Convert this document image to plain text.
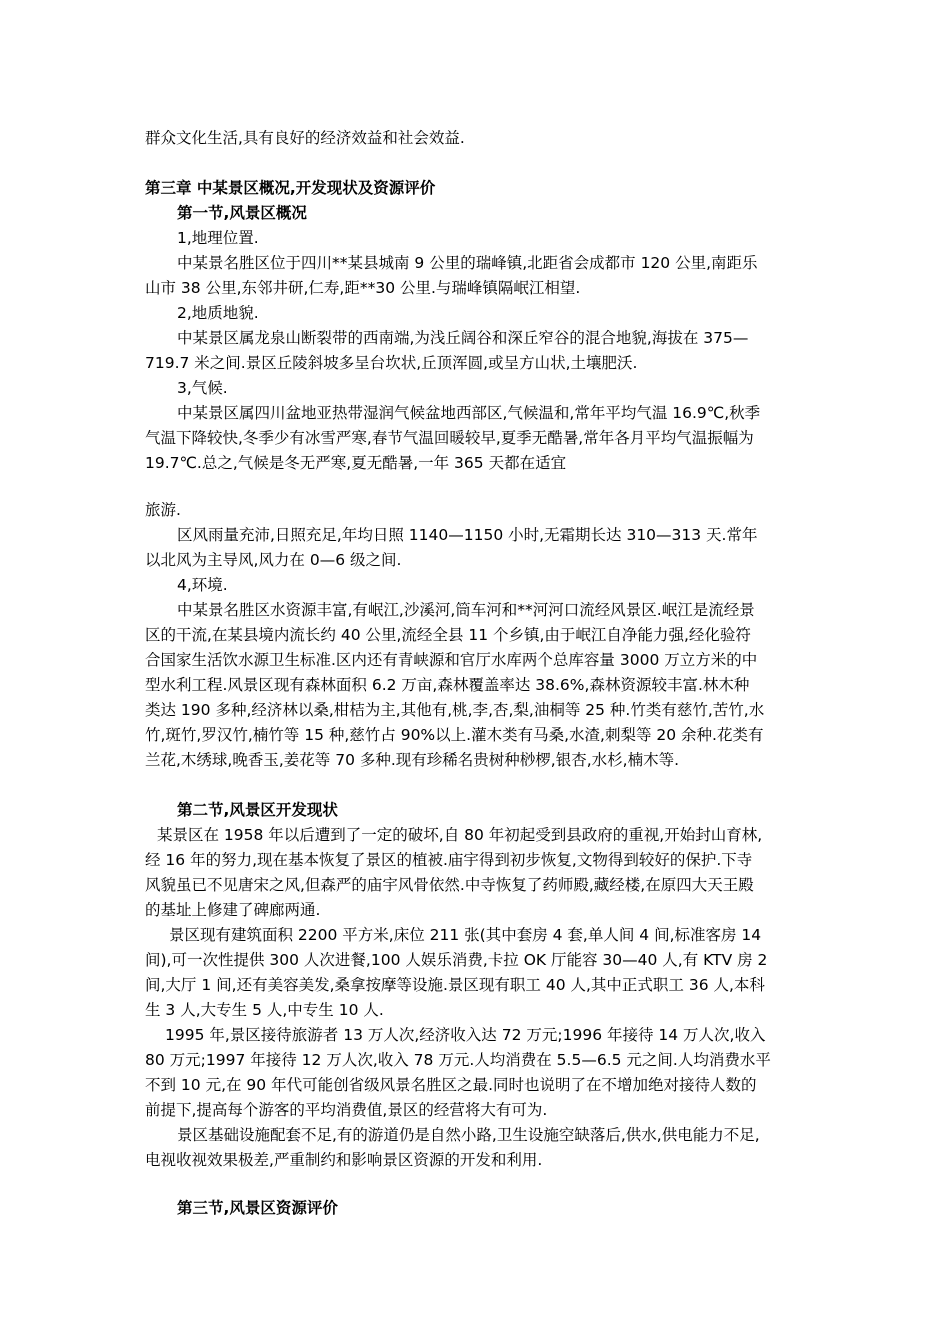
群众文化生活,具有良好的经济效益和社会效益.
第三章 中某景区概况,开发现状及资源评价
第一节,风景区概况
1,地理位置.
中某景名胜区位于四川**某县城南 9 公里的瑞峰镇,北距省会成都市 120 公里,南距乐
山市 38 公里,东邻井研,仁寿,距**30 公里.与瑞峰镇隔岷江相望.
2,地质地貌.
中某景区属龙泉山断裂带的西南端,为浅丘阔谷和深丘窄谷的混合地貌,海拔在 375—
719.7 米之间.景区丘陵斜坡多呈台坎状,丘顶浑圆,或呈方山状,土壤肥沃.
3,气候.
中某景区属四川盆地亚热带湿润气候盆地西部区,气候温和,常年平均气温 16.9℃,秋季
气温下降较快,冬季少有冰雪严寒,春节气温回暖较早,夏季无酷暑,常年各月平均气温振幅为
19.7℃.总之,气候是冬无严寒,夏无酷暑,一年 365 天都在适宜
旅游.
区风雨量充沛,日照充足,年均日照 1140—1150 小时,无霜期长达 310—313 天.常年
以北风为主导风,风力在 0—6 级之间.
4,环境.
中某景名胜区水资源丰富,有岷江,沙溪河,筒车河和**河河口流经风景区.岷江是流经景
区的干流,在某县境内流长约 40 公里,流经全县 11 个乡镇,由于岷江自净能力强,经化验符
合国家生活饮水源卫生标准.区内还有青峡源和官厅水库两个总库容量 3000 万立方米的中
型水利工程.风景区现有森林面积 6.2 万亩,森林覆盖率达 38.6%,森林资源较丰富.林木种
类达 190 多种,经济林以桑,柑桔为主,其他有,桃,李,杏,梨,油桐等 25 种.竹类有慈竹,苦竹,水
竹,斑竹,罗汉竹,楠竹等 15 种,慈竹占 90%以上.灌木类有马桑,水渣,刺梨等 20 余种.花类有
兰花,木绣球,晚香玉,姜花等 70 多种.现有珍稀名贵树种桫椤,银杏,水杉,楠木等.
第二节,风景区开发现状
某景区在 1958 年以后遭到了一定的破坏,自 80 年初起受到县政府的重视,开始封山育林,
经 16 年的努力,现在基本恢复了景区的植被.庙宇得到初步恢复,文物得到较好的保护.下寺
风貌虽已不见唐宋之风,但森严的庙宇风骨依然.中寺恢复了药师殿,藏经楼,在原四大天王殿
的基址上修建了碑廊两通.
景区现有建筑面积 2200 平方米,床位 211 张(其中套房 4 套,单人间 4 间,标准客房 14
间),可一次性提供 300 人次进餐,100 人娱乐消费,卡拉 OK 厅能容 30—40 人,有 KTV 房 2
间,大厅 1 间,还有美容美发,桑拿按摩等设施.景区现有职工 40 人,其中正式职工 36 人,本科
生 3 人,大专生 5 人,中专生 10 人.
1995 年,景区接待旅游者 13 万人次,经济收入达 72 万元;1996 年接待 14 万人次,收入
80 万元;1997 年接待 12 万人次,收入 78 万元.人均消费在 5.5—6.5 元之间.人均消费水平
不到 10 元,在 90 年代可能创省级风景名胜区之最.同时也说明了在不增加绝对接待人数的
前提下,提高每个游客的平均消费值,景区的经营将大有可为.
景区基础设施配套不足,有的游道仍是自然小路,卫生设施空缺落后,供水,供电能力不足,
电视收视效果极差,严重制约和影响景区资源的开发和利用.
第三节,风景区资源评价
